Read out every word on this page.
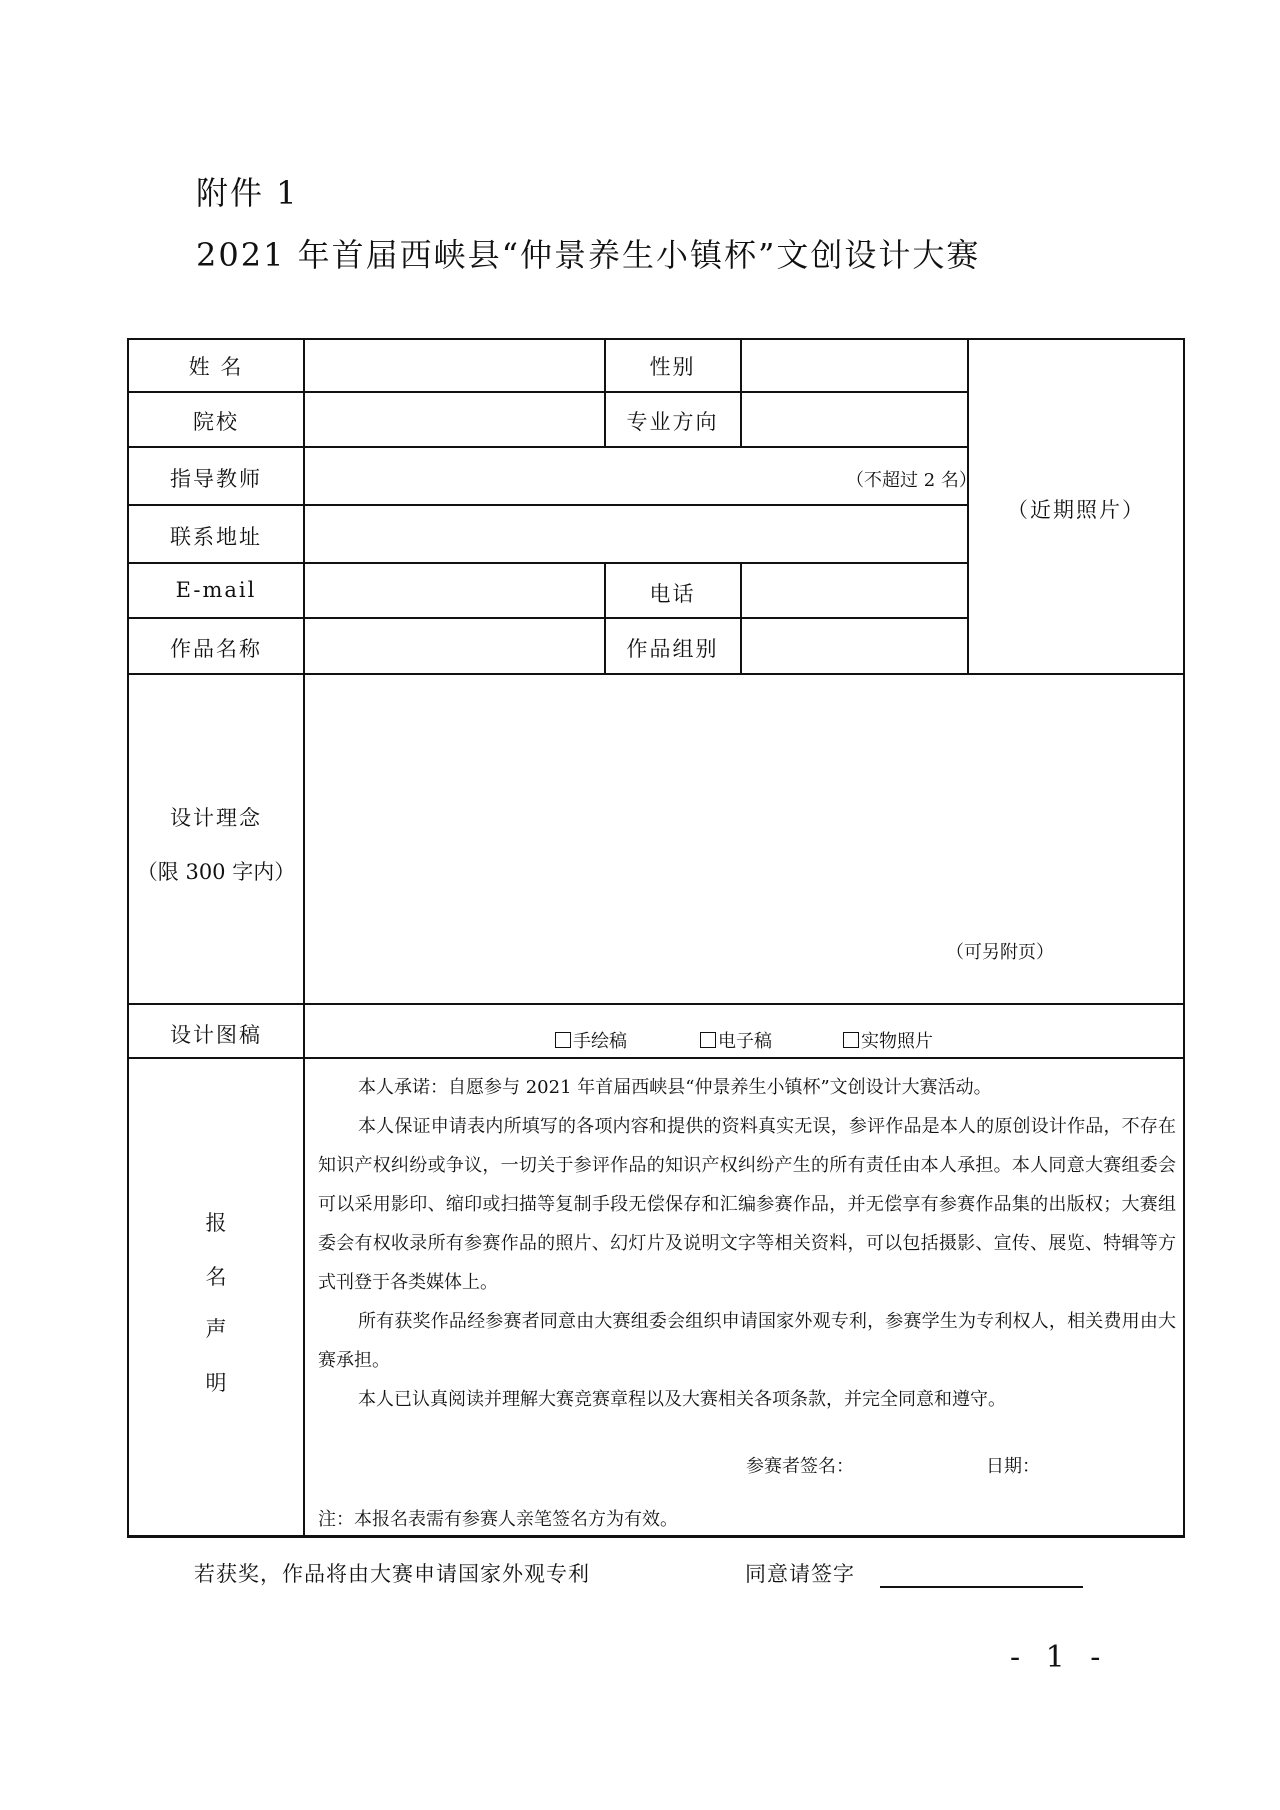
附件 1
2021 年首届西峡县“仲景养生小镇杯”文创设计大赛
姓 名	性别
院校	专业方向
指导教师	（不超过 2 名）
联系地址
E-mail	电话
作品名称	作品组别
（近期照片）
设计理念
（限 300 字内）
（可另附页）
设计图稿	手绘稿	电子稿	实物照片
报
名
声
明

本人承诺：自愿参与 2021 年首届西峡县“仲景养生小镇杯”文创设计大赛活动。

本人保证申请表内所填写的各项内容和提供的资料真实无误，参评作品是本人的原创设计作品，不存在知识产权纠纷或争议，一切关于参评作品的知识产权纠纷产生的所有责任由本人承担。本人同意大赛组委会可以采用影印、缩印或扫描等复制手段无偿保存和汇编参赛作品，并无偿享有参赛作品集的出版权；大赛组委会有权收录所有参赛作品的照片、幻灯片及说明文字等相关资料，可以包括摄影、宣传、展览、特辑等方式刊登于各类媒体上。

所有获奖作品经参赛者同意由大赛组委会组织申请国家外观专利，参赛学生为专利权人，相关费用由大赛承担。

本人已认真阅读并理解大赛竞赛章程以及大赛相关各项条款，并完全同意和遵守。

参赛者签名：	日期：
注：本报名表需有参赛人亲笔签名方为有效。
若获奖，作品将由大赛申请国家外观专利	同意请签字
- 1 -
